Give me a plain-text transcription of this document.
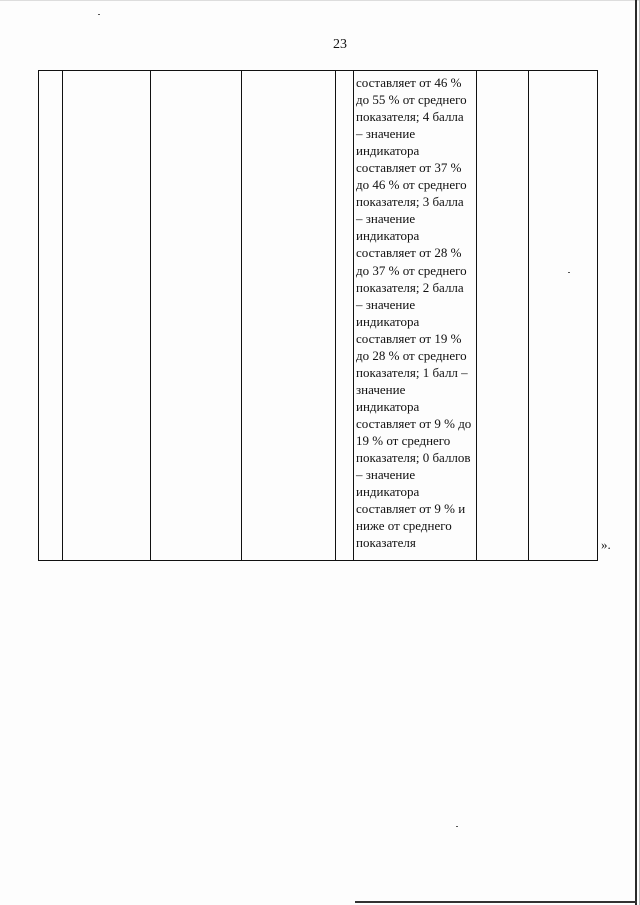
23
составляет от 46 %
до 55 % от среднего
показателя; 4 балла
– значение
индикатора
составляет от 37 %
до 46 % от среднего
показателя; 3 балла
– значение
индикатора
составляет от 28 %
до 37 % от среднего
показателя; 2 балла
– значение
индикатора
составляет от 19 %
до 28 % от среднего
показателя; 1 балл –
значение
индикатора
составляет от 9 % до
19 % от среднего
показателя; 0 баллов
– значение
индикатора
составляет от 9 % и
ниже от среднего
показателя	».
